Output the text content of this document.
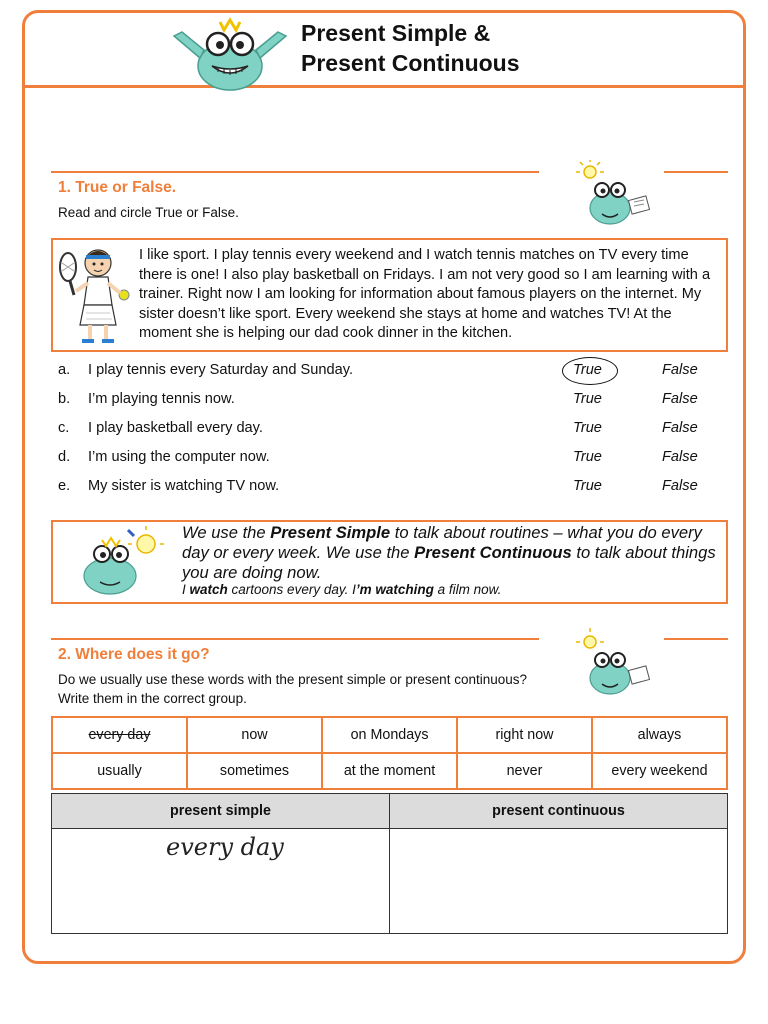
Present Simple &
Present Continuous
1. True or False.
Read and circle True or False.
I like sport. I play tennis every weekend and I watch tennis matches on TV every time there is one! I also play basketball on Fridays. I am not very good so I am learning with a trainer. Right now I am looking for information about famous players on the internet. My sister doesn’t like sport. Every weekend she stays at home and watches TV! At the moment she is helping our dad cook dinner in the kitchen.
a. I play tennis every Saturday and Sunday.	True	False
b. I’m playing tennis now.	True	False
c. I play basketball every day.	True	False
d. I’m using the computer now.	True	False
e. My sister is watching TV now.	True	False
We use the Present Simple to talk about routines – what you do every day or every week. We use the Present Continuous to talk about things you are doing now.
I watch cartoons every day. I’m watching a film now.
2. Where does it go?
Do we usually use these words with the present simple or present continuous?
Write them in the correct group.
every day	now	on Mondays	right now	always
usually	sometimes	at the moment	never	every weekend
present simple	present continuous

every day	
